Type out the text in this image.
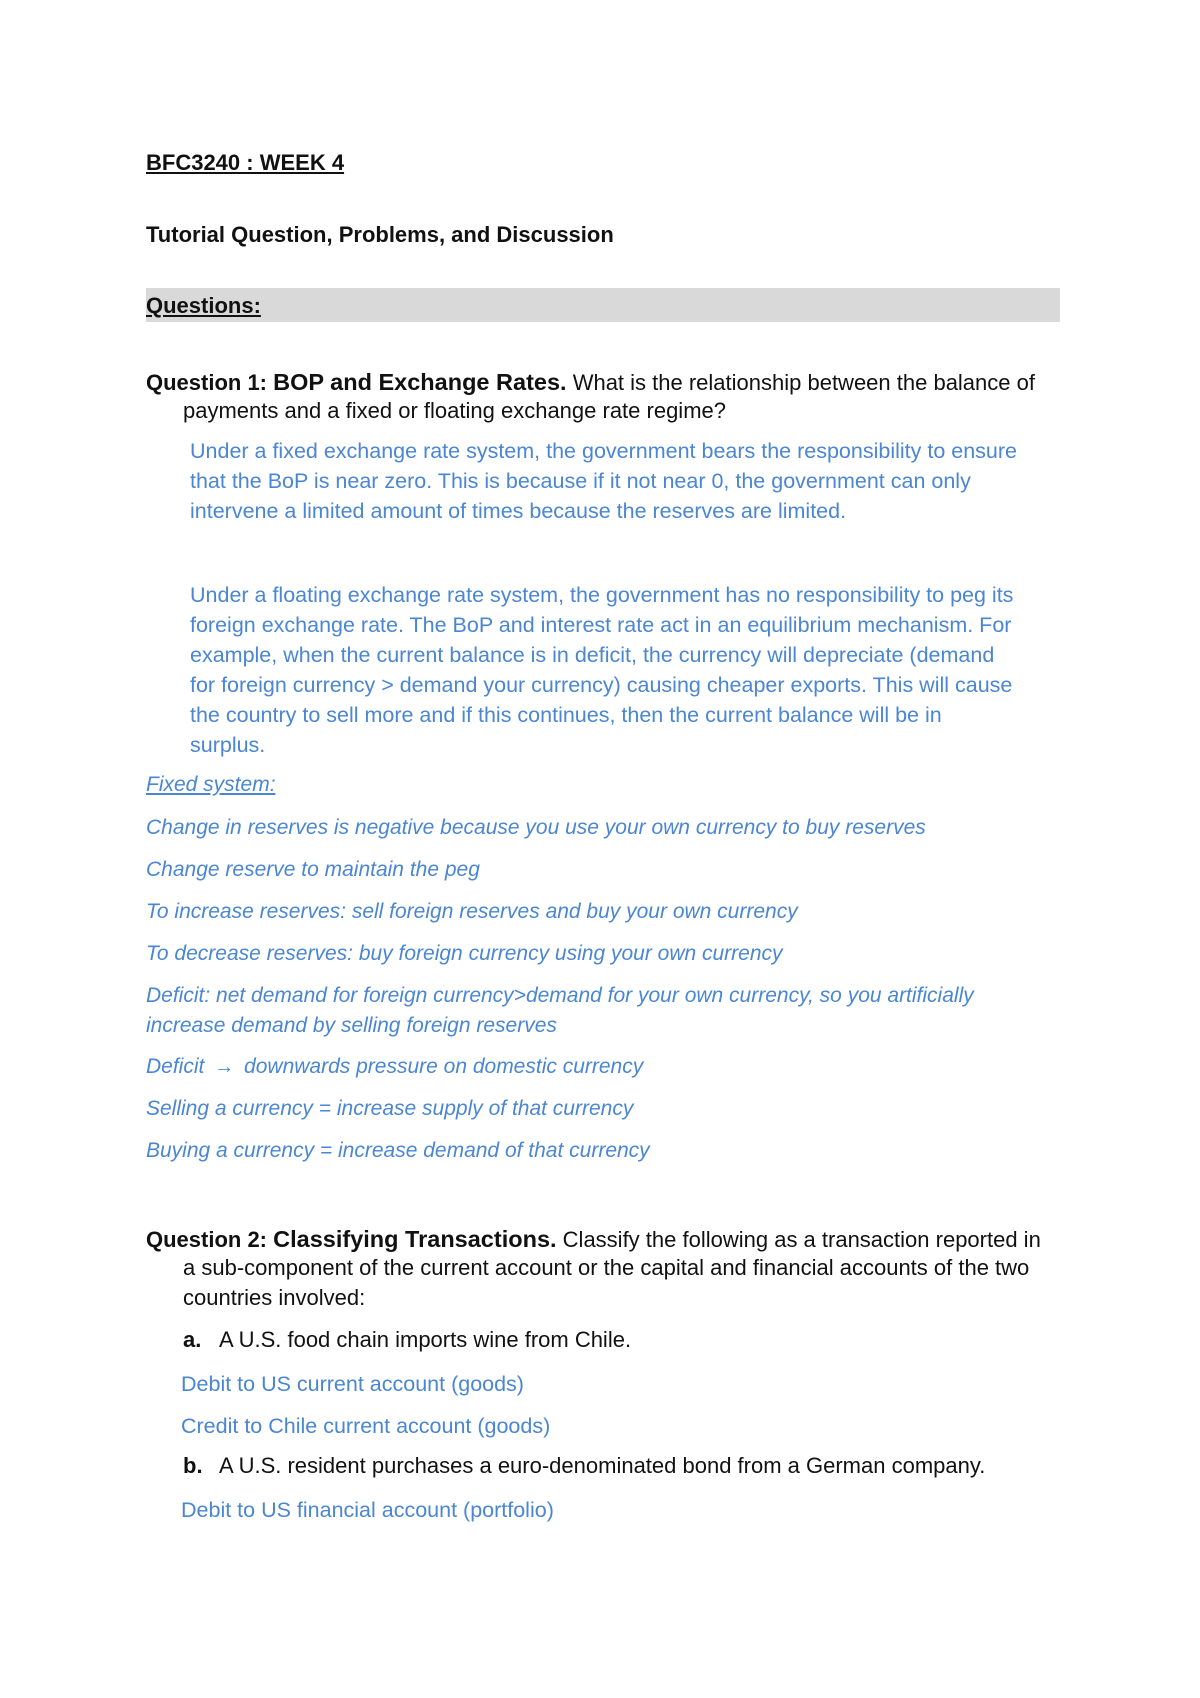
BFC3240 : WEEK 4

Tutorial Question, Problems, and Discussion

Questions:

Question 1: BOP and Exchange Rates. What is the relationship between the balance of

payments and a fixed or floating exchange rate regime?

Under a fixed exchange rate system, the government bears the responsibility to ensure

that the BoP is near zero. This is because if it not near 0, the government can only

intervene a limited amount of times because the reserves are limited.

Under a floating exchange rate system, the government has no responsibility to peg its

foreign exchange rate. The BoP and interest rate act in an equilibrium mechanism. For

example, when the current balance is in deficit, the currency will depreciate (demand

for foreign currency > demand your currency) causing cheaper exports. This will cause

the country to sell more and if this continues, then the current balance will be in

surplus.

Fixed system:

Change in reserves is negative because you use your own currency to buy reserves

Change reserve to maintain the peg

To increase reserves: sell foreign reserves and buy your own currency

To decrease reserves: buy foreign currency using your own currency

Deficit: net demand for foreign currency>demand for your own currency, so you artificially

increase demand by selling foreign reserves

Deficit → downwards pressure on domestic currency

Selling a currency = increase supply of that currency

Buying a currency = increase demand of that currency

Question 2: Classifying Transactions. Classify the following as a transaction reported in

a sub-component of the current account or the capital and financial accounts of the two

countries involved:

a. A U.S. food chain imports wine from Chile.

Debit to US current account (goods)

Credit to Chile current account (goods)

b. A U.S. resident purchases a euro-denominated bond from a German company.

Debit to US financial account (portfolio)
